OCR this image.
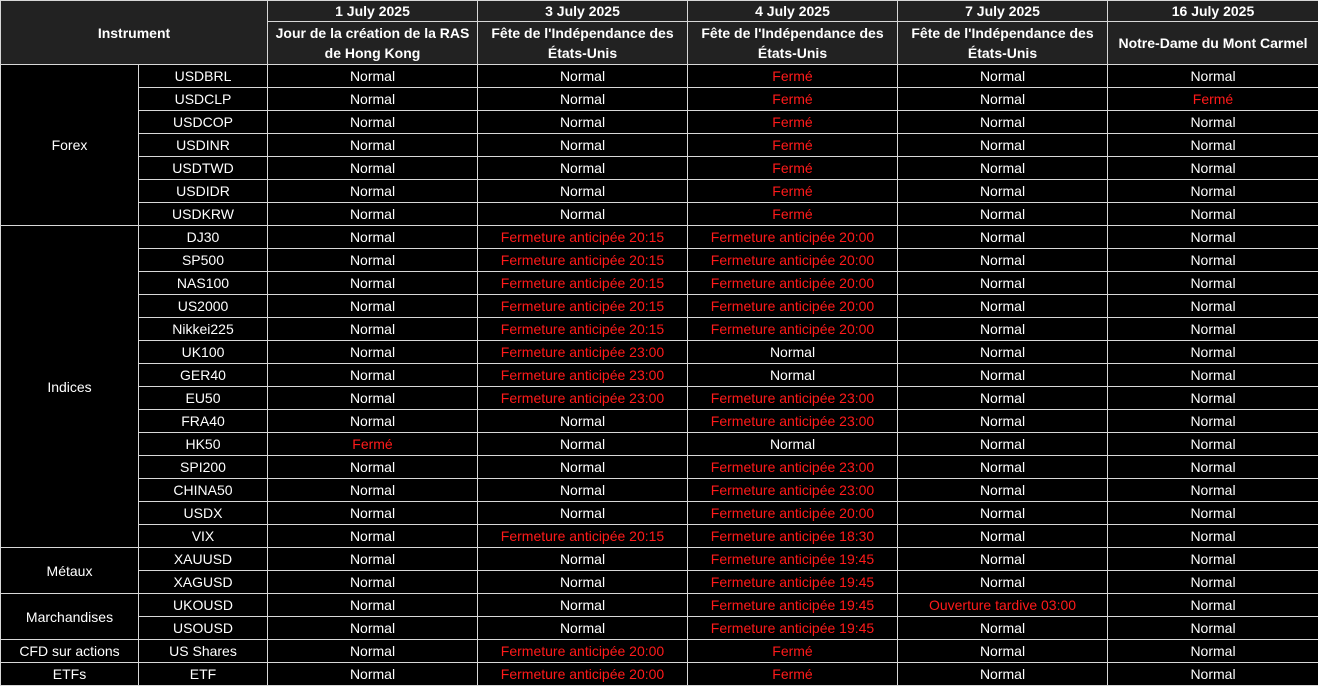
Instrument		1 July 2025	3 July 2025	4 July 2025	7 July 2025	16 July 2025
		Jour de la création de la RAS de Hong Kong	Fête de l'Indépendance des États-Unis	Fête de l'Indépendance des États-Unis	Fête de l'Indépendance des États-Unis	Notre-Dame du Mont Carmel
Forex	USDBRL	Normal	Normal	Fermé	Normal	Normal
	USDCLP	Normal	Normal	Fermé	Normal	Fermé
	USDCOP	Normal	Normal	Fermé	Normal	Normal
	USDINR	Normal	Normal	Fermé	Normal	Normal
	USDTWD	Normal	Normal	Fermé	Normal	Normal
	USDIDR	Normal	Normal	Fermé	Normal	Normal
	USDKRW	Normal	Normal	Fermé	Normal	Normal
Indices	DJ30	Normal	Fermeture anticipée 20:15	Fermeture anticipée 20:00	Normal	Normal
	SP500	Normal	Fermeture anticipée 20:15	Fermeture anticipée 20:00	Normal	Normal
	NAS100	Normal	Fermeture anticipée 20:15	Fermeture anticipée 20:00	Normal	Normal
	US2000	Normal	Fermeture anticipée 20:15	Fermeture anticipée 20:00	Normal	Normal
	Nikkei225	Normal	Fermeture anticipée 20:15	Fermeture anticipée 20:00	Normal	Normal
	UK100	Normal	Fermeture anticipée 23:00	Normal	Normal	Normal
	GER40	Normal	Fermeture anticipée 23:00	Normal	Normal	Normal
	EU50	Normal	Fermeture anticipée 23:00	Fermeture anticipée 23:00	Normal	Normal
	FRA40	Normal	Normal	Fermeture anticipée 23:00	Normal	Normal
	HK50	Fermé	Normal	Normal	Normal	Normal
	SPI200	Normal	Normal	Fermeture anticipée 23:00	Normal	Normal
	CHINA50	Normal	Normal	Fermeture anticipée 23:00	Normal	Normal
	USDX	Normal	Normal	Fermeture anticipée 20:00	Normal	Normal
	VIX	Normal	Fermeture anticipée 20:15	Fermeture anticipée 18:30	Normal	Normal
Métaux	XAUUSD	Normal	Normal	Fermeture anticipée 19:45	Normal	Normal
	XAGUSD	Normal	Normal	Fermeture anticipée 19:45	Normal	Normal
Marchandises	UKOUSD	Normal	Normal	Fermeture anticipée 19:45	Ouverture tardive 03:00	Normal
	USOUSD	Normal	Normal	Fermeture anticipée 19:45	Normal	Normal
CFD sur actions	US Shares	Normal	Fermeture anticipée 20:00	Fermé	Normal	Normal
ETFs	ETF	Normal	Fermeture anticipée 20:00	Fermé	Normal	Normal
